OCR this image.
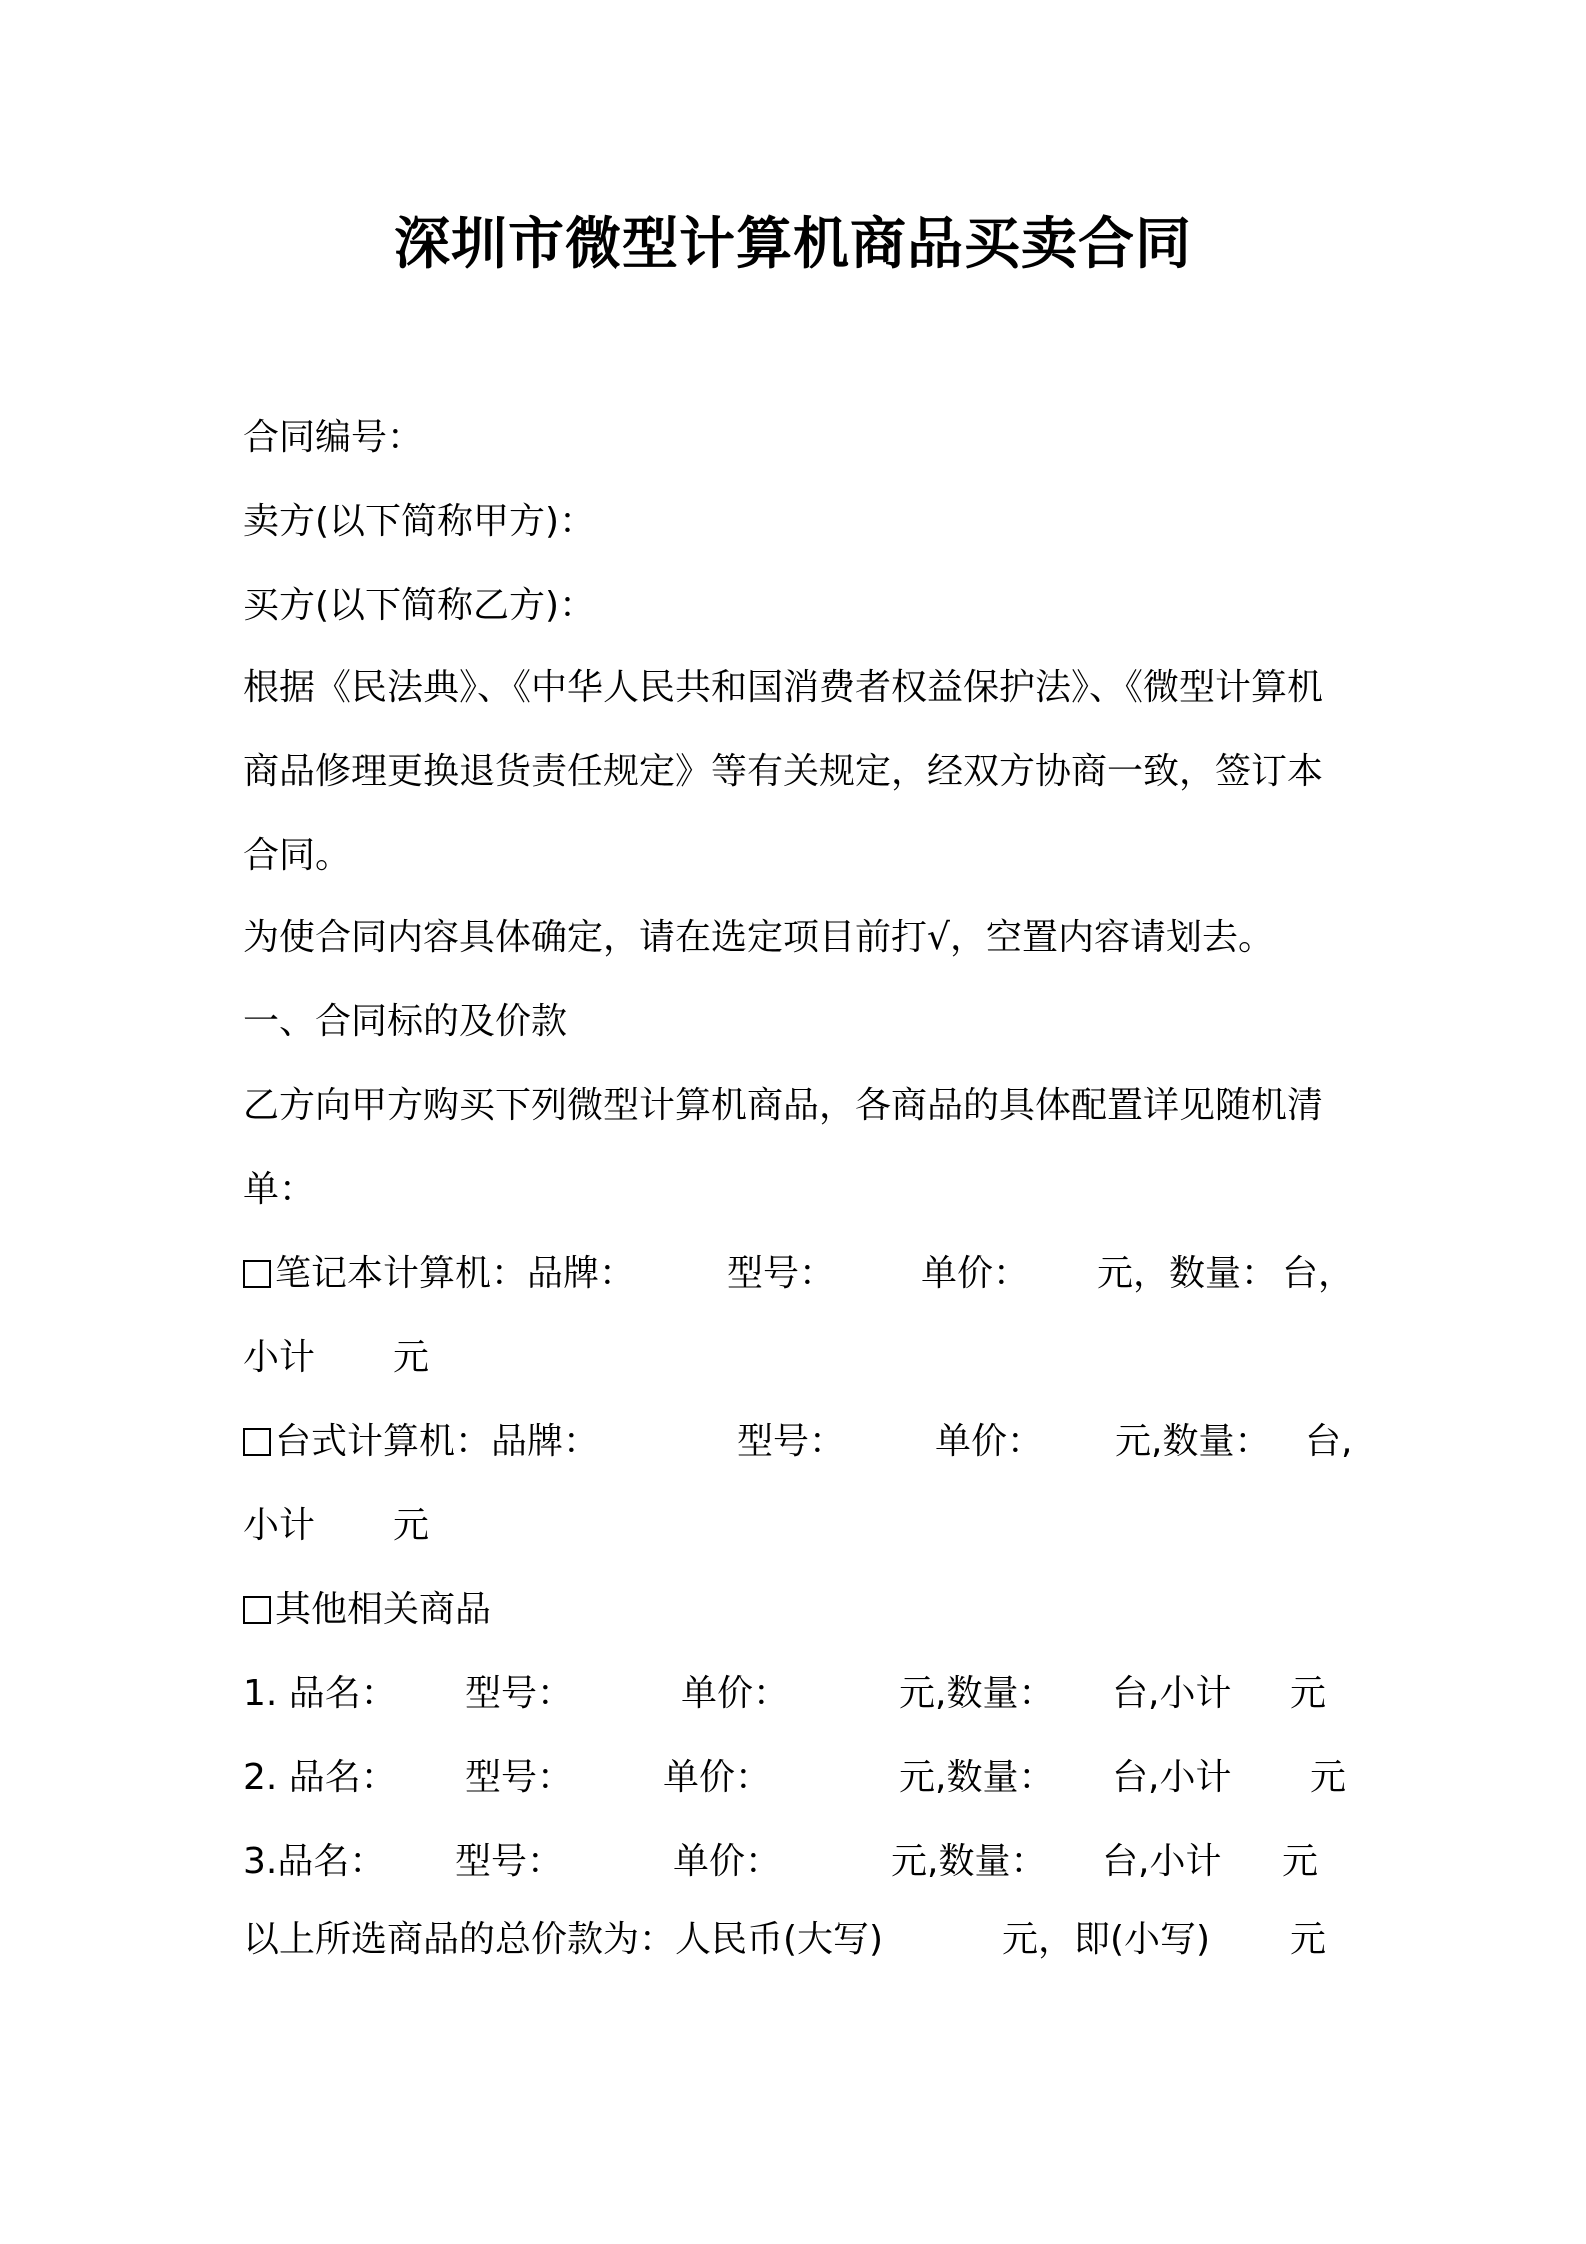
深圳市微型计算机商品买卖合同
合同编号：
卖方(以下简称甲方)：
买方(以下简称乙方)：
根据《民法典》、《中华人民共和国消费者权益保护法》、《微型计算机
商品修理更换退货责任规定》等有关规定，经双方协商一致，签订本
合同。
为使合同内容具体确定，请在选定项目前打√，空置内容请划去。
一、合同标的及价款
乙方向甲方购买下列微型计算机商品，各商品的具体配置详见随机清
单：
笔记本计算机：品牌：	型号： 单价： 元，数量： 台，
小计 元
台式计算机：品牌：	型号： 单价： 元,数量： 台,
小计 元
其他相关商品
1. 品名： 型号：	单价：	元,数量： 台,小计 元
2. 品名： 型号： 单价：	元,数量： 台,小计 元
3.品名： 型号：	单价：	元,数量： 台,小计 元
以上所选商品的总价款为：人民币(大写)	元，即(小写) 元
